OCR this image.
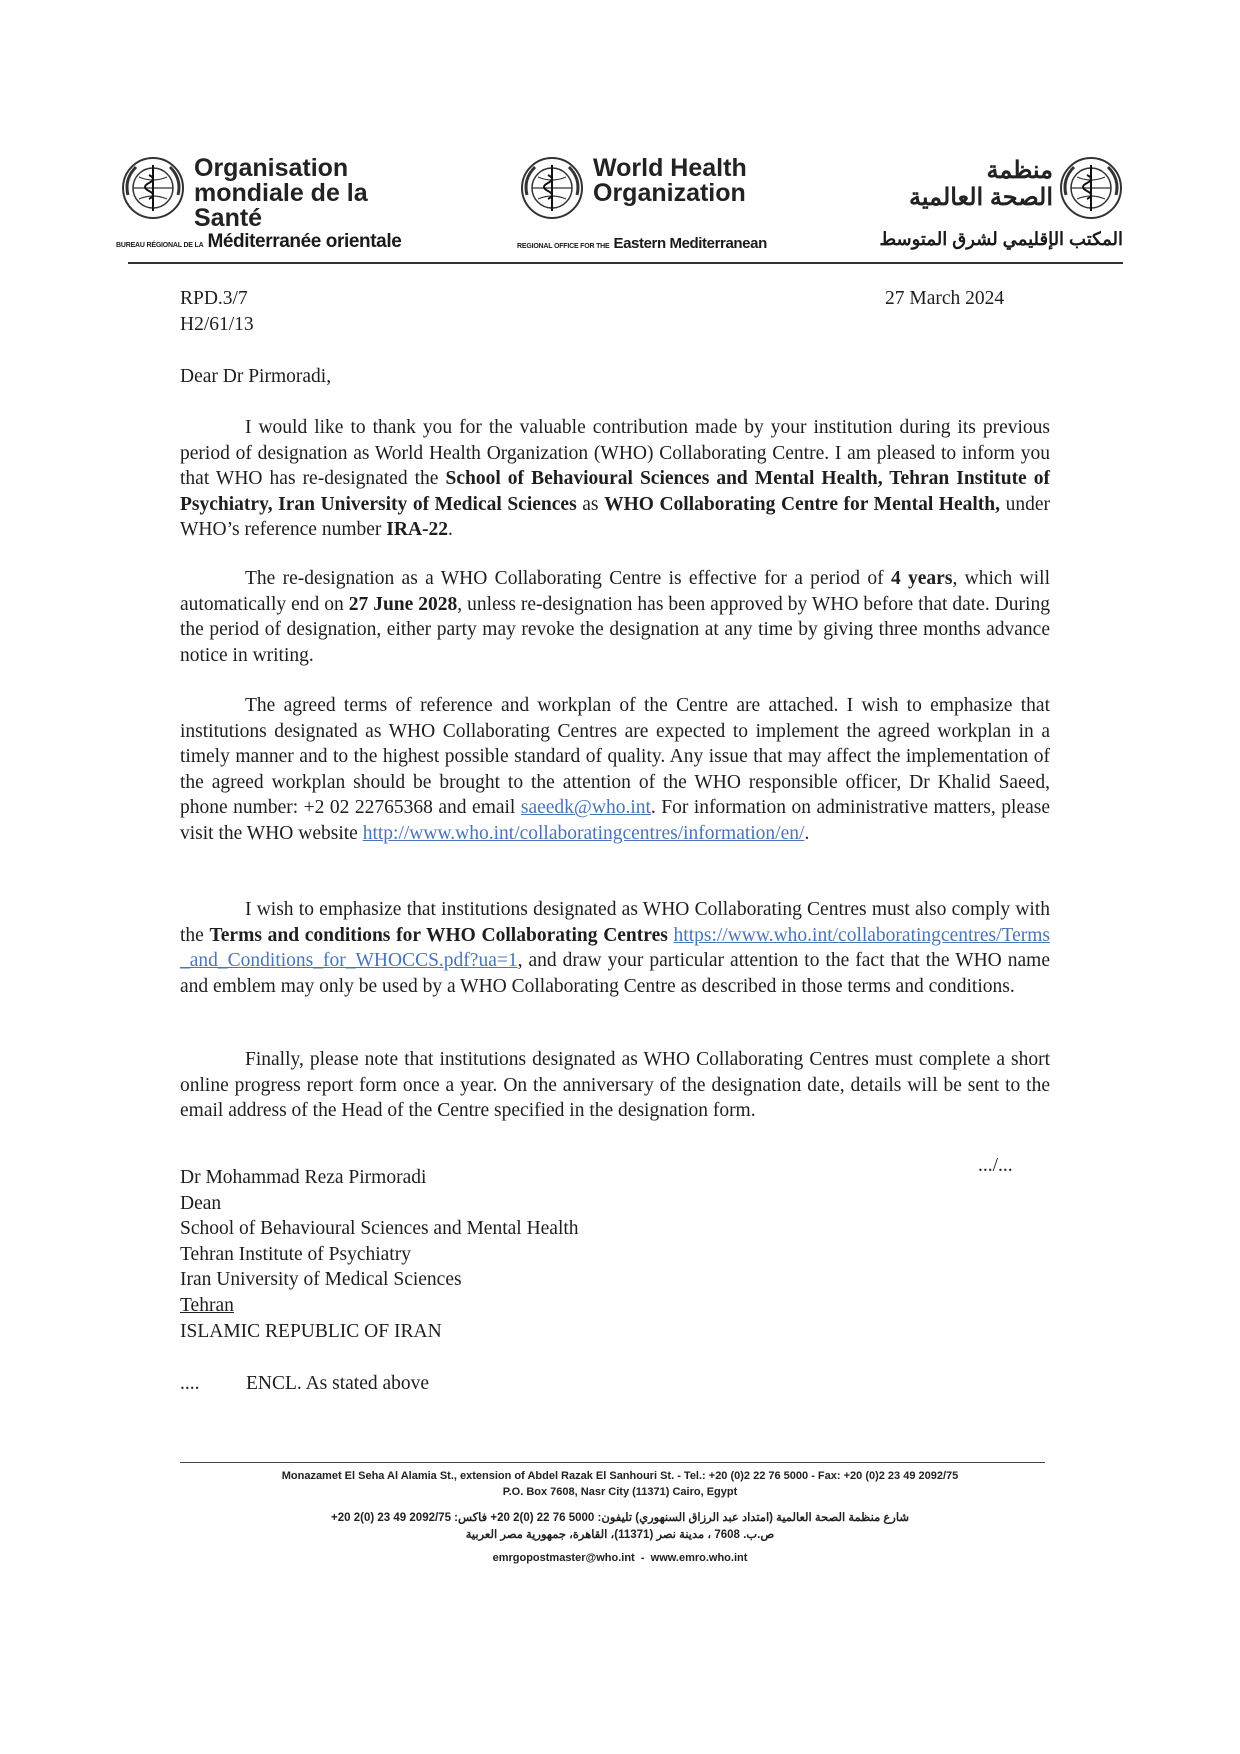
Organisation
mondiale de la Santé
BUREAU RÉGIONAL DE LA Méditerranée orientale
World Health
Organization
REGIONAL OFFICE FOR THE Eastern Mediterranean
منظمة
الصحة العالمية
المكتب الإقليمي لشرق المتوسط
RPD.3/7
H2/61/13
27 March 2024
Dear Dr Pirmoradi,

I would like to thank you for the valuable contribution made by your institution during its previous period of designation as World Health Organization (WHO) Collaborating Centre. I am pleased to inform you that WHO has re-designated the School of Behavioural Sciences and Mental Health, Tehran Institute of Psychiatry, Iran University of Medical Sciences as WHO Collaborating Centre for Mental Health, under WHO’s reference number IRA-22.

The re-designation as a WHO Collaborating Centre is effective for a period of 4 years, which will automatically end on 27 June 2028, unless re-designation has been approved by WHO before that date. During the period of designation, either party may revoke the designation at any time by giving three months advance notice in writing.

The agreed terms of reference and workplan of the Centre are attached. I wish to emphasize that institutions designated as WHO Collaborating Centres are expected to implement the agreed workplan in a timely manner and to the highest possible standard of quality. Any issue that may affect the implementation of the agreed workplan should be brought to the attention of the WHO responsible officer, Dr Khalid Saeed, phone number: +2 02 22765368 and email saeedk@who.int. For information on administrative matters, please visit the WHO website http://www.who.int/collaboratingcentres/information/en/.

I wish to emphasize that institutions designated as WHO Collaborating Centres must also comply with the Terms and conditions for WHO Collaborating Centres https://www.who.int/collaboratingcentres/Terms_and_Conditions_for_WHOCCS.pdf?ua=1, and draw your particular attention to the fact that the WHO name and emblem may only be used by a WHO Collaborating Centre as described in those terms and conditions.

Finally, please note that institutions designated as WHO Collaborating Centres must complete a short online progress report form once a year. On the anniversary of the designation date, details will be sent to the email address of the Head of the Centre specified in the designation form.

.../...
Dr Mohammad Reza Pirmoradi
Dean
School of Behavioural Sciences and Mental Health
Tehran Institute of Psychiatry
Iran University of Medical Sciences
Tehran
ISLAMIC REPUBLIC OF IRAN
.... ENCL. As stated above
Monazamet El Seha Al Alamia St., extension of Abdel Razak El Sanhouri St. - Tel.: +20 (0)2 22 76 5000 - Fax: +20 (0)2 23 49 2092/75
P.O. Box 7608, Nasr City (11371) Cairo, Egypt
شارع منظمة الصحة العالمية (امتداد عبد الرزاق السنهوري) تليفون: 5000 76 22 (0)2 20+ فاكس: 2092/75 49 23 (0)2 20+
ص.ب. 7608 ، مدينة نصر (11371)، القاهرة، جمهورية مصر العربية
emrgopostmaster@who.int - www.emro.who.int
